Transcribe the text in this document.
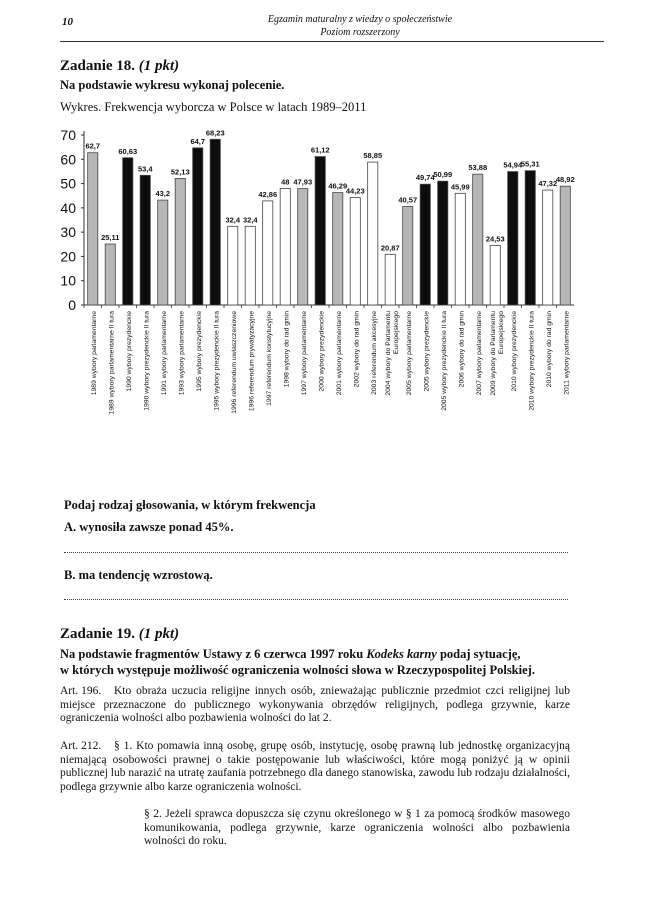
10	Egzamin maturalny z wiedzy o społeczeństwie
Poziom rozszerzony
Zadanie 18. (1 pkt)
Na podstawie wykresu wykonaj polecenie.
Wykres. Frekwencja wyborcza w Polsce w latach 1989–2011
0
10
20
30
40
50
60
70
62,7
1989 wybory parlamentarne
25,11
1989 wybory parlamentarne II tura
60,63
1990 wybory prezydenckie
53,4
1990 wybory prezydenckie II tura
43,2
1991 wybory parlamentarne
52,13
1993 wybory parlamentarne
64,7
1995 wybory prezydenckie
68,23
1995 wybory prezydenckie II tura
32,4
1996 referendum uwłaszczeniowe
32,4
1996 referendum prywatyzacyjne
42,86
1997 referendum konstytucyjne
48
1998 wybory do rad gmin
47,93
1997 wybory parlamentarne
61,12
2000 wybory prezydenckie
46,29
2001 wybory parlamentarne
44,23
2002 wybory do rad gmin
58,85
2003 referendum akcesyjne
20,87
2004 wybory do ParlamentuEuropejskiego
40,57
2005 wybory parlamentarne
49,74
2005 wybory prezydenckie
50,99
2005 wybory prezydenckie II tura
45,99
2006 wybory do rad gmin
53,88
2007 wybory parlamentarne
24,53
2009 wybory do ParlamentuEuropejskiego
54,94
2010 wybory prezydenckie
55,31
2010 wybory prezydenckie II tura
47,32
2010 wybory do rad gmin
48,92
2011 wybory parlamentarne
Podaj rodzaj głosowania, w którym frekwencja
A. wynosiła zawsze ponad 45%.
B. ma tendencję wzrostową.
Zadanie 19. (1 pkt)
Na podstawie fragmentów Ustawy z 6 czerwca 1997 roku Kodeks karny podaj sytuację,
w których występuje możliwość ograniczenia wolności słowa w Rzeczypospolitej Polskiej.
Art. 196.	Kto obraża uczucia religijne innych osób, znieważając publicznie przedmiot czci religijnej lub miejsce przeznaczone do publicznego wykonywania obrzędów religijnych, podlega grzywnie, karze ograniczenia wolności albo pozbawienia wolności do lat 2.
Art. 212.	§ 1. Kto pomawia inną osobę, grupę osób, instytucję, osobę prawną lub jednostkę organizacyjną niemającą osobowości prawnej o takie postępowanie lub właściwości, które mogą poniżyć ją w opinii publicznej lub narazić na utratę zaufania potrzebnego dla danego stanowiska, zawodu lub rodzaju działalności, podlega grzywnie albo karze ograniczenia wolności.
§ 2. Jeżeli sprawca dopuszcza się czynu określonego w § 1 za pomocą środków masowego komunikowania, podlega grzywnie, karze ograniczenia wolności albo pozbawienia wolności do roku.
